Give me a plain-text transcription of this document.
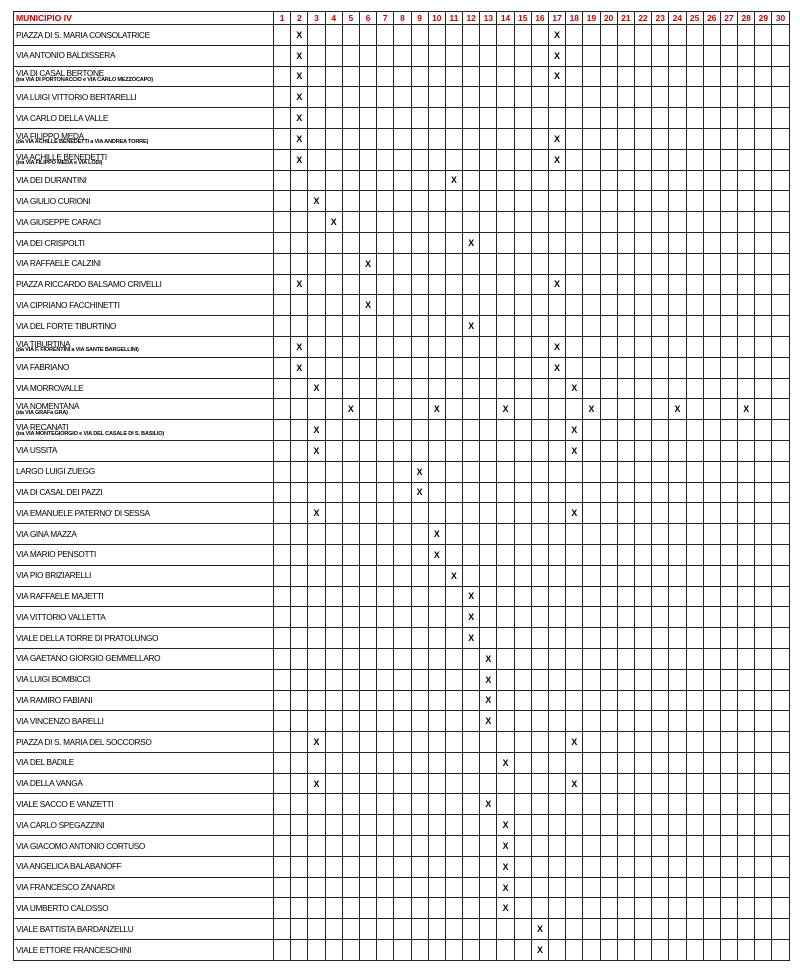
MUNICIPIO IV	1	2	3	4	5	6	7	8	9	10	11	12	13	14	15	16	17	18	19	20	21	22	23	24	25	26	27	28	29	30
PIAZZA DI S. MARIA CONSOLATRICE		X															X													
VIA ANTONIO BALDISSERA		X															X													
VIA DI CASAL BERTONE
(tra VIA DI PORTONACCIO e VIA CARLO MEZZOCAPO)		X															X													
VIA LUIGI VITTORIO BERTARELLI		X																												
VIA CARLO DELLA VALLE		X																												
VIA FILIPPO MEDA
(da VIA ACHILLE BENEDETTI a VIA ANDREA TORRE)		X															X													
VIA ACHILLE BENEDETTI
(tra VIA FILIPPO MEDA e VIA LODI)		X															X													
VIA DEI DURANTINI											X																			
VIA GIULIO CURIONI			X																											
VIA GIUSEPPE CARACI				X																										
VIA DEI CRISPOLTI												X																		
VIA RAFFAELE CALZINI						X																								
PIAZZA RICCARDO BALSAMO CRIVELLI		X															X													
VIA CIPRIANO FACCHINETTI						X																								
VIA DEL FORTE TIBURTINO												X																		
VIA TIBURTINA
(da VIA F. FIORENTINI a VIA SANTE BARGELLINI)		X															X													
VIA FABRIANO		X															X													
VIA MORROVALLE			X															X												
VIA NOMENTANA
(da VIA GRAFa GRA)					X					X				X					X					X				X		
VIA RECANATI
(tra VIA MONTEGIORGIO e VIA DEL CASALE DI S. BASILIO)			X															X												
VIA USSITA			X															X												
LARGO LUIGI ZUEGG									X																					
VIA DI CASAL DEI PAZZI									X																					
VIA EMANUELE PATERNO' DI SESSA			X															X												
VIA GINA MAZZA										X																				
VIA MARIO PENSOTTI										X																				
VIA PIO BRIZIARELLI											X																			
VIA RAFFAELE MAJETTI												X																		
VIA VITTORIO VALLETTA												X																		
VIALE DELLA TORRE DI PRATOLUNGO												X																		
VIA GAETANO GIORGIO GEMMELLARO													X																	
VIA LUIGI BOMBICCI													X																	
VIA RAMIRO FABIANI													X																	
VIA VINCENZO BARELLI													X																	
PIAZZA DI S. MARIA DEL SOCCORSO			X															X												
VIA DEL BADILE														X																
VIA DELLA VANGA			X															X												
VIALE SACCO E VANZETTI													X																	
VIA CARLO SPEGAZZINI														X																
VIA GIACOMO ANTONIO CORTUSO														X																
VIA ANGELICA BALABANOFF														X																
VIA FRANCESCO ZANARDI														X																
VIA UMBERTO CALOSSO														X																
VIALE BATTISTA BARDANZELLU																X														
VIALE ETTORE FRANCESCHINI																X														
